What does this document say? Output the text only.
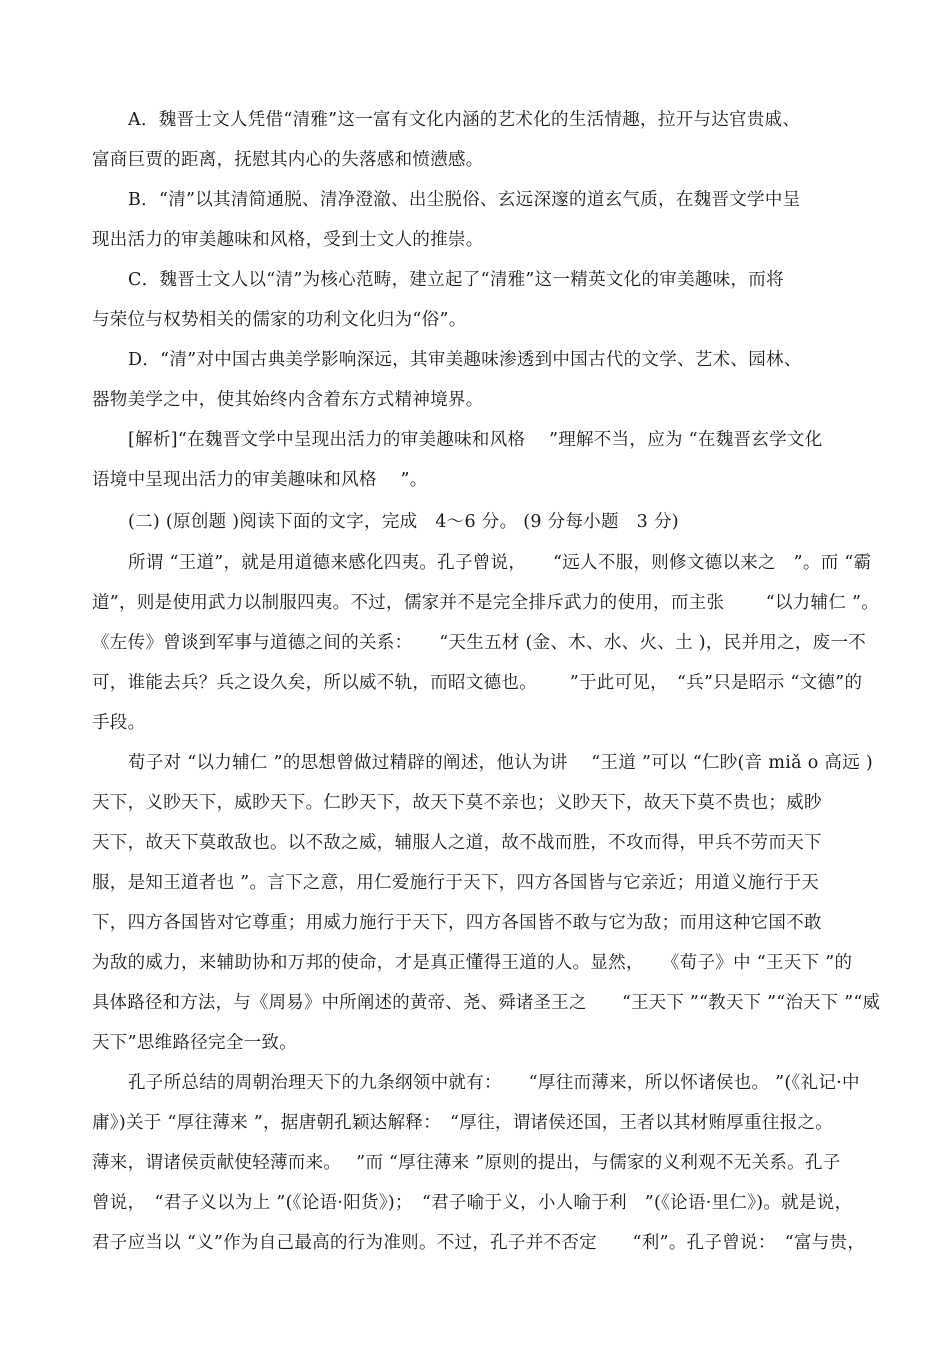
A．魏晋士文人凭借“清雅”这一富有文化内涵的艺术化的生活情趣，拉开与达官贵戚、
富商巨贾的距离，抚慰其内心的失落感和愤懑感。
B．“清”以其清简通脱、清净澄澈、出尘脱俗、玄远深邃的道玄气质，在魏晋文学中呈
现出活力的审美趣味和风格，受到士文人的推崇。
C．魏晋士文人以“清”为核心范畴，建立起了“清雅”这一精英文化的审美趣味，而将
与荣位与权势相关的儒家的功利文化归为“俗”。
D．“清”对中国古典美学影响深远，其审美趣味渗透到中国古代的文学、艺术、园林、
器物美学之中，使其始终内含着东方式精神境界。
[解析]“在魏晋文学中呈现出活力的审美趣味和风格　 ”理解不当，应为 “在魏晋玄学文化
语境中呈现出活力的审美趣味和风格　 ”。
(二) (原创题 )阅读下面的文字，完成　4～6 分。 (9 分每小题　3 分)
所谓 “王道”，就是用道德来感化四夷。孔子曾说，　　“远人不服，则修文德以来之　”。而 “霸
道”，则是使用武力以制服四夷。不过，儒家并不是完全排斥武力的使用，而主张　　 “以力辅仁 ”。
《左传》曾谈到军事与道德之间的关系：　　“天生五材 (金、木、水、火、土 )，民并用之，废一不
可，谁能去兵？兵之设久矣，所以威不轨，而昭文德也。　　 ”于此可见，　“兵”只是昭示 “文德”的
手段。
荀子对 “以力辅仁 ”的思想曾做过精辟的阐述，他认为讲　 “王道 ”可以 “仁眇(音 miǎ o 高远 )
天下，义眇天下，威眇天下。仁眇天下，故天下莫不亲也；义眇天下，故天下莫不贵也；威眇
天下，故天下莫敢敌也。以不敌之威，辅服人之道，故不战而胜，不攻而得，甲兵不劳而天下
服，是知王道者也 ”。言下之意，用仁爱施行于天下，四方各国皆与它亲近；用道义施行于天
下，四方各国皆对它尊重；用威力施行于天下，四方各国皆不敢与它为敌；而用这种它国不敢
为敌的威力，来辅助协和万邦的使命，才是真正懂得王道的人。显然，　　《荀子》中 “王天下 ”的
具体路径和方法，与《周易》中所阐述的黄帝、尧、舜诸圣王之　　“王天下 ”“教天下 ”“治天下 ”“威
天下”思维路径完全一致。
孔子所总结的周朝治理天下的九条纲领中就有：　　“厚往而薄来，所以怀诸侯也。 ”(《礼记·中
庸》)关于 “厚往薄来 ”，据唐朝孔颖达解释：　“厚往，谓诸侯还国，王者以其材贿厚重往报之。
薄来，谓诸侯贡献使轻薄而来。　 ”而 “厚往薄来 ”原则的提出，与儒家的义利观不无关系。孔子
曾说，　“君子义以为上 ”(《论语·阳货》)；　“君子喻于义，小人喻于利　”(《论语·里仁》)。就是说，
君子应当以 “义”作为自己最高的行为准则。不过，孔子并不否定　　“利”。孔子曾说：　“富与贵，
